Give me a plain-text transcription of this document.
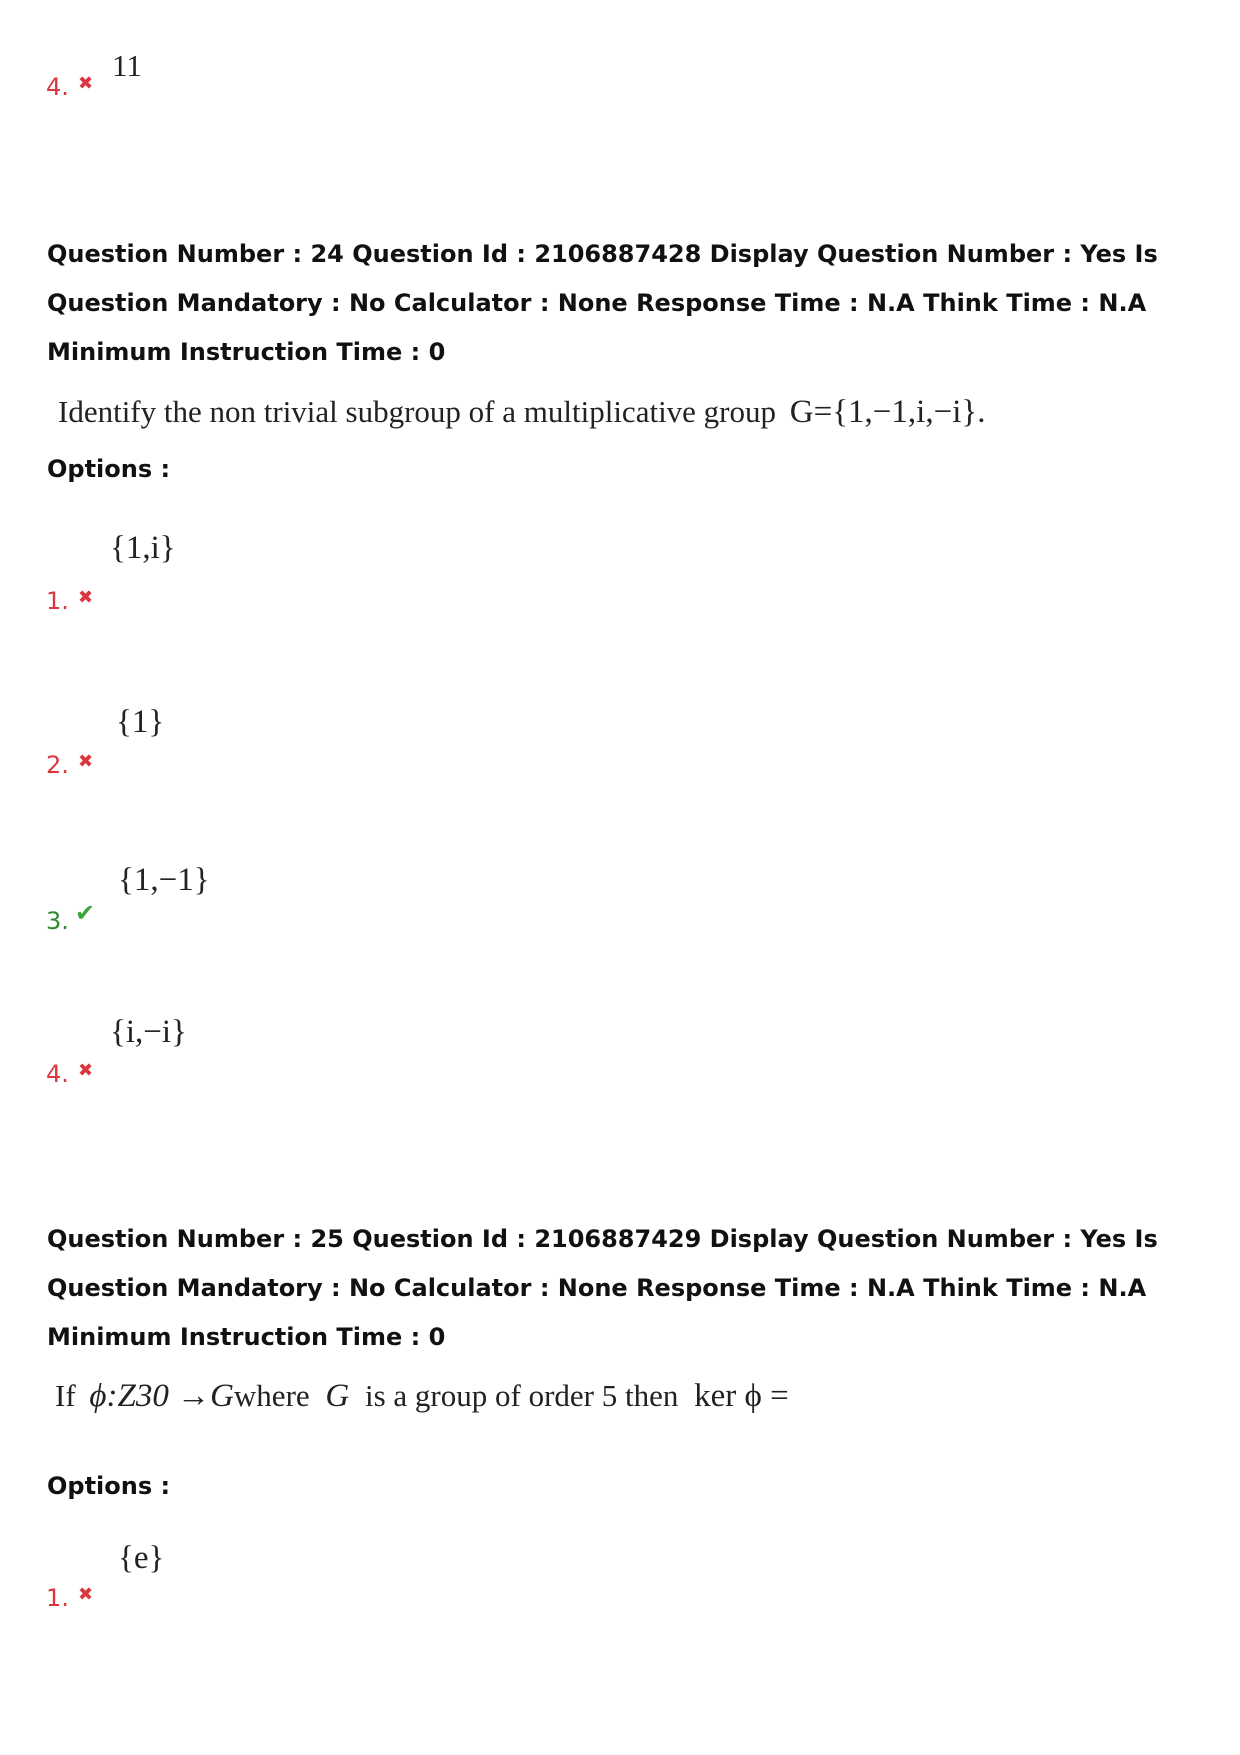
4. ✖
11
Question Number : 24 Question Id : 2106887428 Display Question Number : Yes Is Question Mandatory : No Calculator : None Response Time : N.A Think Time : N.A Minimum Instruction Time : 0
Identify the non trivial subgroup of a multiplicative group G={1,−1,i,−i}.
Options :
{1,i}
1. ✖
{1}
2. ✖
{1,−1}
3. ✔
{i,−i}
4. ✖
Question Number : 25 Question Id : 2106887429 Display Question Number : Yes Is Question Mandatory : No Calculator : None Response Time : N.A Think Time : N.A Minimum Instruction Time : 0
If ϕ:Z30 →Gwhere G is a group of order 5 then ker ϕ =
Options :
{e}
1. ✖
